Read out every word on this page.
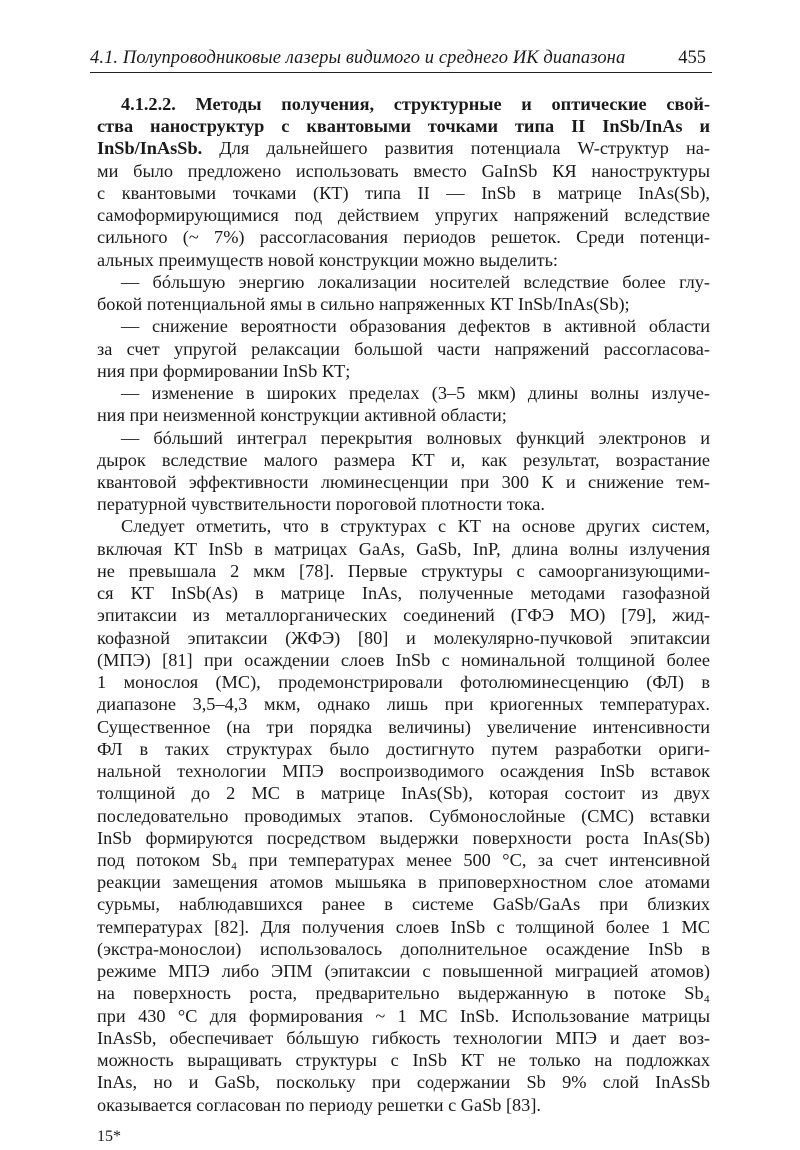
4.1. Полупроводниковые лазеры видимого и среднего ИК диапазона	455
4.1.2.2. Методы получения, структурные и оптические свой-
ства наноструктур с квантовыми точками типа II InSb/InAs и
InSb/InAsSb. Для дальнейшего развития потенциала W-структур на-
ми было предложено использовать вместо GaInSb КЯ наноструктуры
с квантовыми точками (КТ) типа II — InSb в матрице InAs(Sb),
самоформирующимися под действием упругих напряжений вследствие
сильного (~ 7%) рассогласования периодов решеток. Среди потенци-
альных преимуществ новой конструкции можно выделить:
— бóльшую энергию локализации носителей вследствие более глу-
бокой потенциальной ямы в сильно напряженных КТ InSb/InAs(Sb);
— снижение вероятности образования дефектов в активной области
за счет упругой релаксации большой части напряжений рассогласова-
ния при формировании InSb КТ;
— изменение в широких пределах (3–5 мкм) длины волны излуче-
ния при неизменной конструкции активной области;
— бóльший интеграл перекрытия волновых функций электронов и
дырок вследствие малого размера КТ и, как результат, возрастание
квантовой эффективности люминесценции при 300 К и снижение тем-
пературной чувствительности пороговой плотности тока.
Следует отметить, что в структурах с КТ на основе других систем,
включая КТ InSb в матрицах GaAs, GaSb, InP, длина волны излучения
не превышала 2 мкм [78]. Первые структуры с самоорганизующими-
ся КТ InSb(As) в матрице InAs, полученные методами газофазной
эпитаксии из металлорганических соединений (ГФЭ МО) [79], жид-
кофазной эпитаксии (ЖФЭ) [80] и молекулярно-пучковой эпитаксии
(МПЭ) [81] при осаждении слоев InSb с номинальной толщиной более
1 монослоя (МС), продемонстрировали фотолюминесценцию (ФЛ) в
диапазоне 3,5–4,3 мкм, однако лишь при криогенных температурах.
Существенное (на три порядка величины) увеличение интенсивности
ФЛ в таких структурах было достигнуто путем разработки ориги-
нальной технологии МПЭ воспроизводимого осаждения InSb вставок
толщиной до 2 МС в матрице InAs(Sb), которая состоит из двух
последовательно проводимых этапов. Субмонослойные (СМС) вставки
InSb формируются посредством выдержки поверхности роста InAs(Sb)
под потоком Sb₄ при температурах менее 500 °С, за счет интенсивной
реакции замещения атомов мышьяка в приповерхностном слое атомами
сурьмы, наблюдавшихся ранее в системе GaSb/GaAs при близких
температурах [82]. Для получения слоев InSb с толщиной более 1 МС
(экстра-монослои) использовалось дополнительное осаждение InSb в
режиме МПЭ либо ЭПМ (эпитаксии с повышенной миграцией атомов)
на поверхность роста, предварительно выдержанную в потоке Sb₄
при 430 °С для формирования ~ 1 МС InSb. Использование матрицы
InAsSb, обеспечивает бóльшую гибкость технологии МПЭ и дает воз-
можность выращивать структуры с InSb КТ не только на подложках
InAs, но и GaSb, поскольку при содержании Sb 9% слой InAsSb
оказывается согласован по периоду решетки с GaSb [83].
15*
